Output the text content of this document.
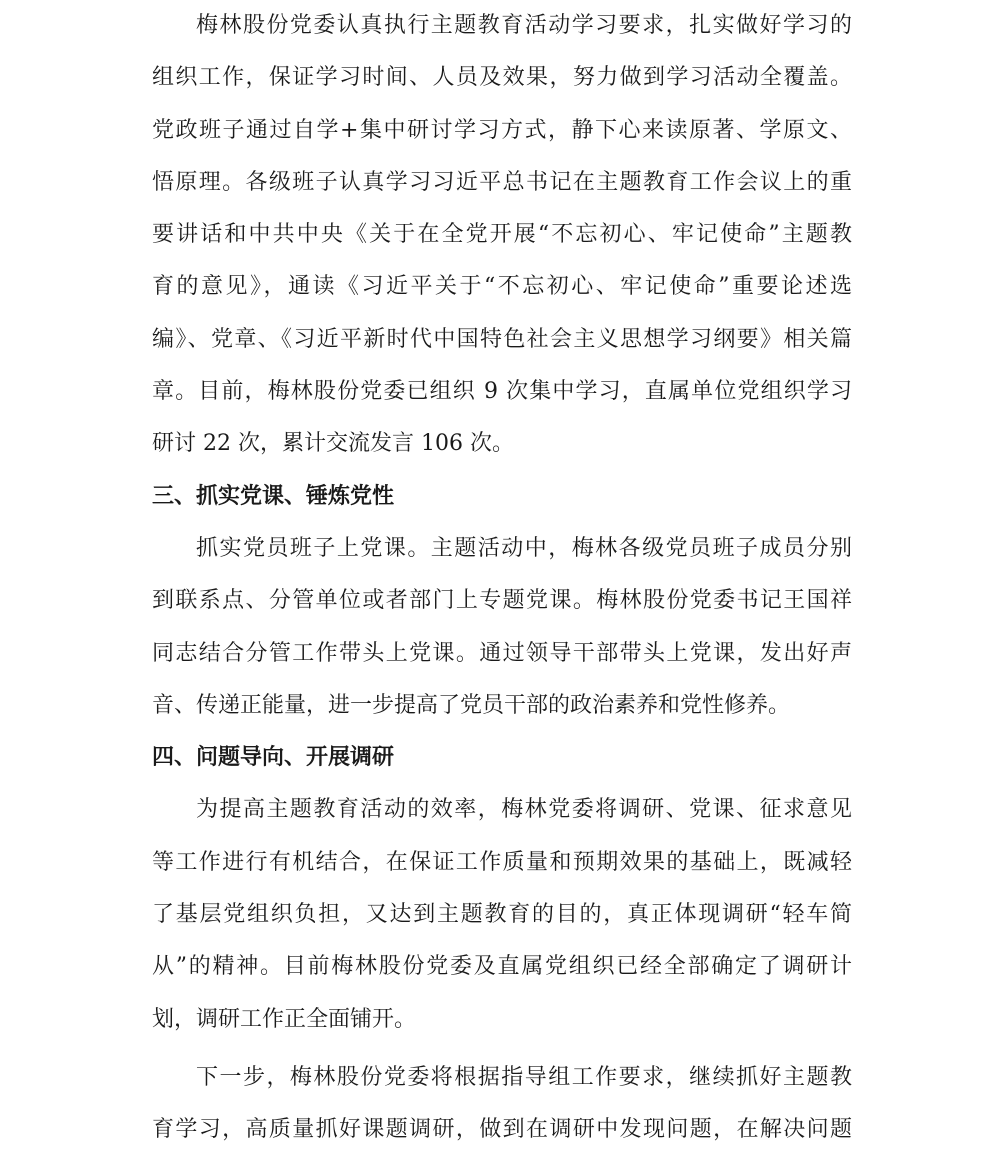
梅林股份党委认真执行主题教育活动学习要求，扎实做好学习的
组织工作，保证学习时间、人员及效果，努力做到学习活动全覆盖。
党政班子通过自学+集中研讨学习方式，静下心来读原著、学原文、
悟原理。各级班子认真学习习近平总书记在主题教育工作会议上的重
要讲话和中共中央《关于在全党开展“不忘初心、牢记使命”主题教
育的意见》，通读《习近平关于“不忘初心、牢记使命”重要论述选
编》、党章、《习近平新时代中国特色社会主义思想学习纲要》相关篇
章。目前，梅林股份党委已组织 9 次集中学习，直属单位党组织学习
研讨 22 次，累计交流发言 106 次。
三、抓实党课、锤炼党性
抓实党员班子上党课。主题活动中，梅林各级党员班子成员分别
到联系点、分管单位或者部门上专题党课。梅林股份党委书记王国祥
同志结合分管工作带头上党课。通过领导干部带头上党课，发出好声
音、传递正能量，进一步提高了党员干部的政治素养和党性修养。
四、问题导向、开展调研
为提高主题教育活动的效率，梅林党委将调研、党课、征求意见
等工作进行有机结合，在保证工作质量和预期效果的基础上，既减轻
了基层党组织负担，又达到主题教育的目的，真正体现调研“轻车简
从”的精神。目前梅林股份党委及直属党组织已经全部确定了调研计
划，调研工作正全面铺开。
下一步，梅林股份党委将根据指导组工作要求，继续抓好主题教
育学习，高质量抓好课题调研，做到在调研中发现问题，在解决问题
